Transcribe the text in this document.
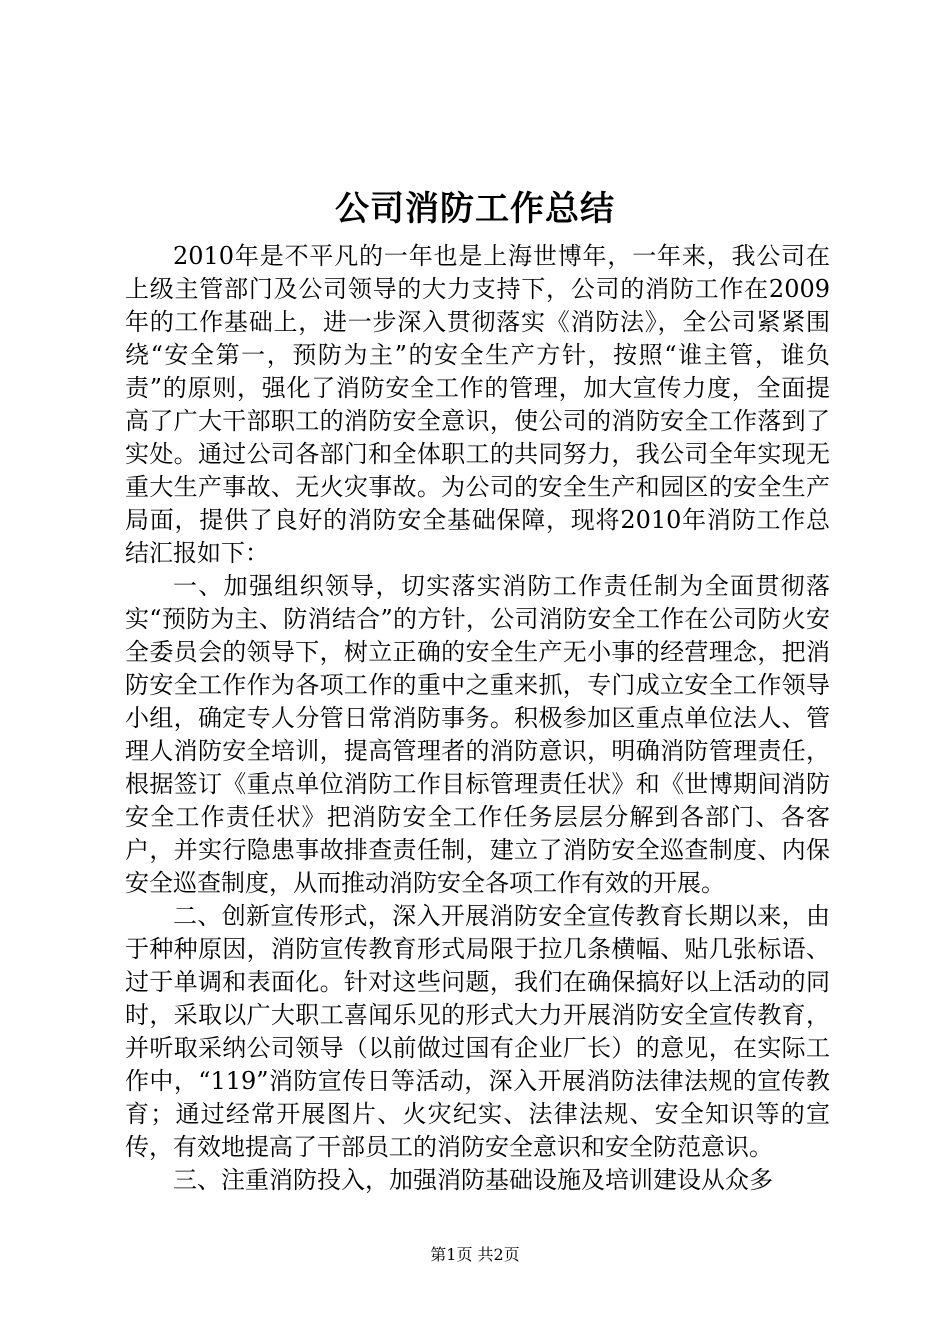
公司消防工作总结

2010年是不平凡的一年也是上海世博年，一年来，我公司在上级主管部门及公司领导的大力支持下，公司的消防工作在2009年的工作基础上，进一步深入贯彻落实《消防法》，全公司紧紧围绕“安全第一，预防为主”的安全生产方针，按照“谁主管，谁负责”的原则，强化了消防安全工作的管理，加大宣传力度，全面提高了广大干部职工的消防安全意识，使公司的消防安全工作落到了实处。通过公司各部门和全体职工的共同努力，我公司全年实现无重大生产事故、无火灾事故。为公司的安全生产和园区的安全生产局面，提供了良好的消防安全基础保障，现将2010年消防工作总结汇报如下：

一、加强组织领导，切实落实消防工作责任制为全面贯彻落实“预防为主、防消结合”的方针，公司消防安全工作在公司防火安全委员会的领导下，树立正确的安全生产无小事的经营理念，把消防安全工作作为各项工作的重中之重来抓，专门成立安全工作领导小组，确定专人分管日常消防事务。积极参加区重点单位法人、管理人消防安全培训，提高管理者的消防意识，明确消防管理责任，根据签订《重点单位消防工作目标管理责任状》和《世博期间消防安全工作责任状》把消防安全工作任务层层分解到各部门、各客户，并实行隐患事故排查责任制，建立了消防安全巡查制度、内保安全巡查制度，从而推动消防安全各项工作有效的开展。

二、创新宣传形式，深入开展消防安全宣传教育长期以来，由于种种原因，消防宣传教育形式局限于拉几条横幅、贴几张标语、过于单调和表面化。针对这些问题，我们在确保搞好以上活动的同时，采取以广大职工喜闻乐见的形式大力开展消防安全宣传教育，并听取采纳公司领导（以前做过国有企业厂长）的意见，在实际工作中，“119”消防宣传日等活动，深入开展消防法律法规的宣传教育；通过经常开展图片、火灾纪实、法律法规、安全知识等的宣传，有效地提高了干部员工的消防安全意识和安全防范意识。

三、注重消防投入，加强消防基础设施及培训建设从众多

第1页 共2页
